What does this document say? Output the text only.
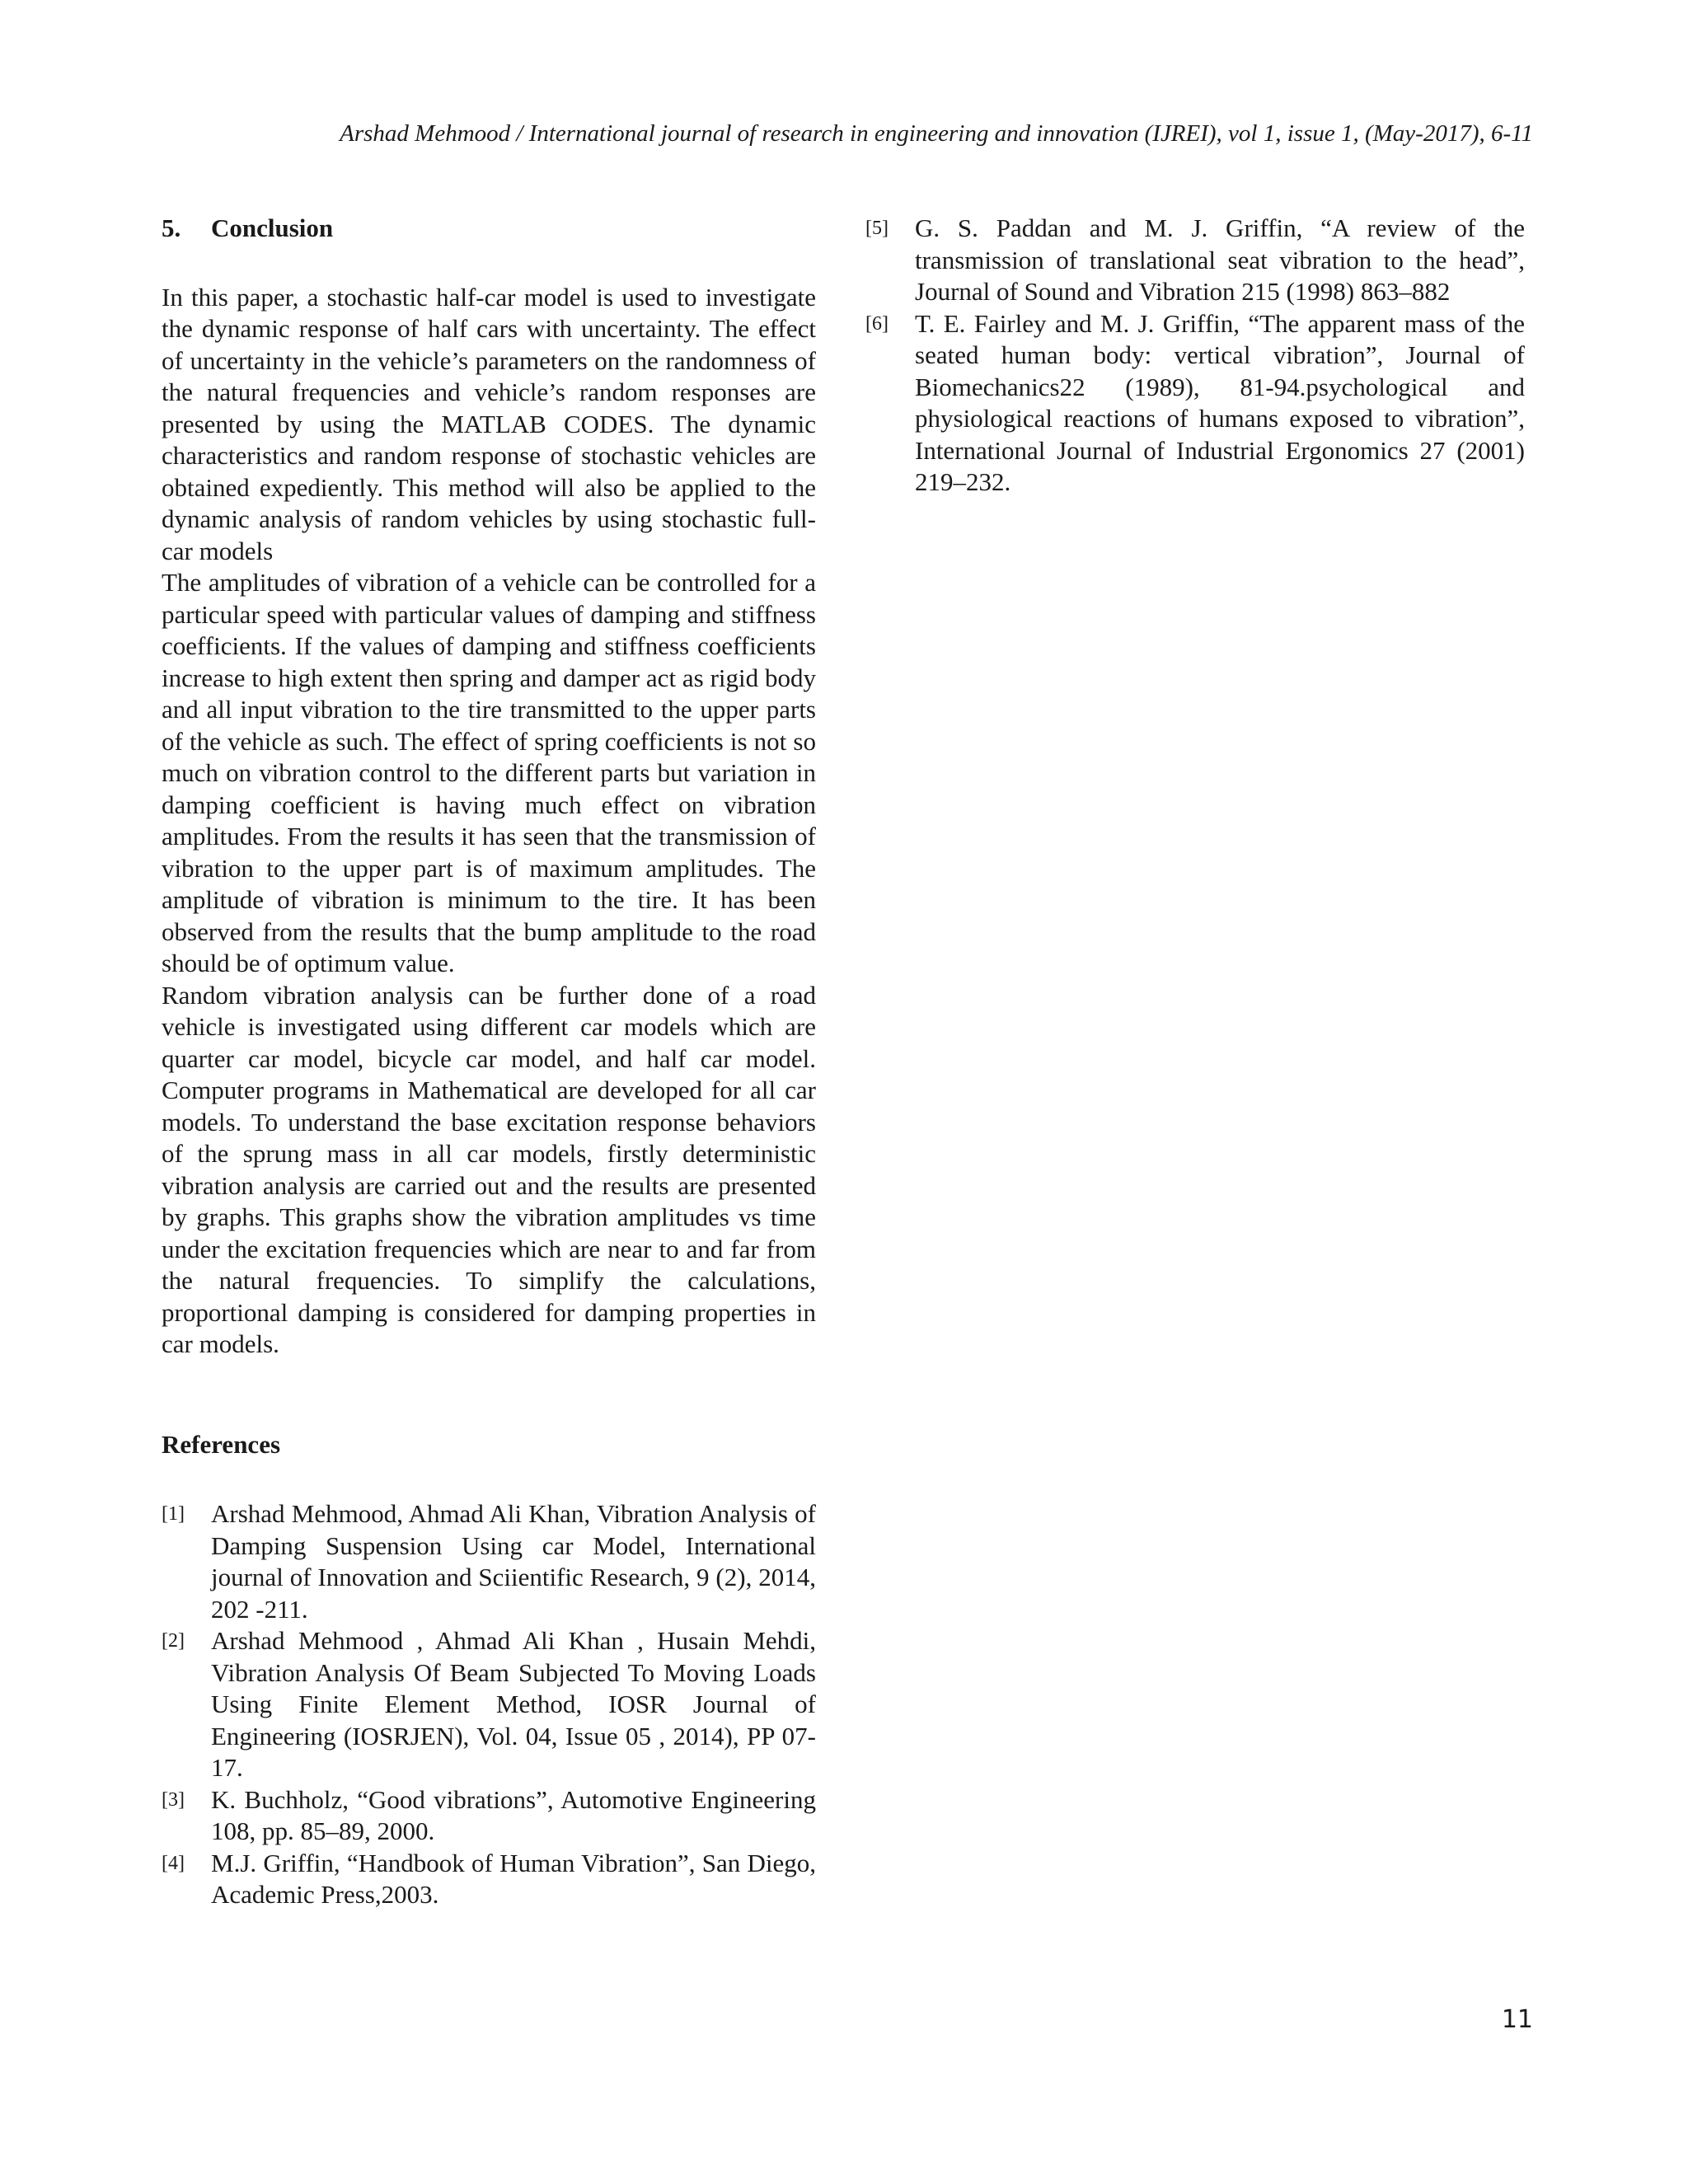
Arshad Mehmood / International journal of research in engineering and innovation (IJREI), vol 1, issue 1, (May-2017), 6-11
5. Conclusion

In this paper, a stochastic half-car model is used to investigate the dynamic response of half cars with uncertainty. The effect of uncertainty in the vehicle’s parameters on the randomness of the natural frequencies and vehicle’s random responses are presented by using the MATLAB CODES. The dynamic characteristics and random response of stochastic vehicles are obtained expediently. This method will also be applied to the dynamic analysis of random vehicles by using stochastic full-car models

The amplitudes of vibration of a vehicle can be controlled for a particular speed with particular values of damping and stiffness coefficients. If the values of damping and stiffness coefficients increase to high extent then spring and damper act as rigid body and all input vibration to the tire transmitted to the upper parts of the vehicle as such. The effect of spring coefficients is not so much on vibration control to the different parts but variation in damping coefficient is having much effect on vibration amplitudes. From the results it has seen that the transmission of vibration to the upper part is of maximum amplitudes. The amplitude of vibration is minimum to the tire. It has been observed from the results that the bump amplitude to the road should be of optimum value.

Random vibration analysis can be further done of a road vehicle is investigated using different car models which are quarter car model, bicycle car model, and half car model. Computer programs in Mathematical are developed for all car models. To understand the base excitation response behaviors of the sprung mass in all car models, firstly deterministic vibration analysis are carried out and the results are presented by graphs. This graphs show the vibration amplitudes vs time under the excitation frequencies which are near to and far from the natural frequencies. To simplify the calculations, proportional damping is considered for damping properties in car models.

References
[1]	Arshad Mehmood, Ahmad Ali Khan, Vibration Analysis of Damping Suspension Using car Model, International journal of Innovation and Sciientific Research, 9 (2), 2014, 202 -211.
[2]	Arshad Mehmood , Ahmad Ali Khan , Husain Mehdi, Vibration Analysis Of Beam Subjected To Moving Loads Using Finite Element Method, IOSR Journal of Engineering (IOSRJEN), Vol. 04, Issue 05 , 2014), PP 07-17.
[3]	K. Buchholz, “Good vibrations”, Automotive Engineering 108, pp. 85–89, 2000.
[4]	M.J. Griffin, “Handbook of Human Vibration”, San Diego, Academic Press,2003.
[5]	G. S. Paddan and M. J. Griffin, “A review of the transmission of translational seat vibration to the head”, Journal of Sound and Vibration 215 (1998) 863–882
[6]	T. E. Fairley and M. J. Griffin, “The apparent mass of the seated human body: vertical vibration”, Journal of Biomechanics22 (1989), 81-94.psychological and physiological reactions of humans exposed to vibration”, International Journal of Industrial Ergonomics 27 (2001) 219–232.
11
